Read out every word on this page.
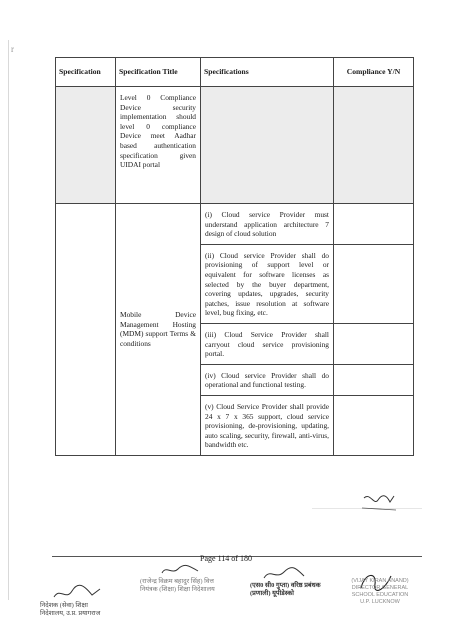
r
Specification	Specification Title	Specifications	Compliance Y/N
	Level 0 Compliance Device security implementation should level 0 compliance Device meet Aadhar based authentication specification given UIDAI portal		
	Mobile Device Management Hosting (MDM) support Terms & conditions	(i) Cloud service Provider must understand application architecture 7 design of cloud solution	
		(ii) Cloud service Provider shall do provisioning of support level or equivalent for software licenses as selected by the buyer department, covering updates, upgrades, security patches, issue resolution at software level, bug fixing, etc.	
		(iii) Cloud Service Provider shall carryout cloud service provisioning portal.	
		(iv) Cloud service Provider shall do operational and functional testing.	
		(v) Cloud Service Provider shall provide 24 x 7 x 365 support, cloud service provisioning, de-provisioning, updating, auto scaling, security, firewall, anti-virus, bandwidth etc.	
Page 114 of 180
निदेशक (सेवा) शिक्षा निदेशालय, उ.प्र. प्रयागराज
(राजेन्द्र विक्रम बहादुर सिंह) वित्त नियंत्रक (शिक्षा) शिक्षा निदेशालय
(एस0 सी0 गुप्ता) वरिष्ठ प्रबंधक (प्रणाली) यूपीडेस्को
(VIJAY KIRAN ANAND)
DIRECTOR GENERAL
SCHOOL EDUCATION
U.P. LUCKNOW
